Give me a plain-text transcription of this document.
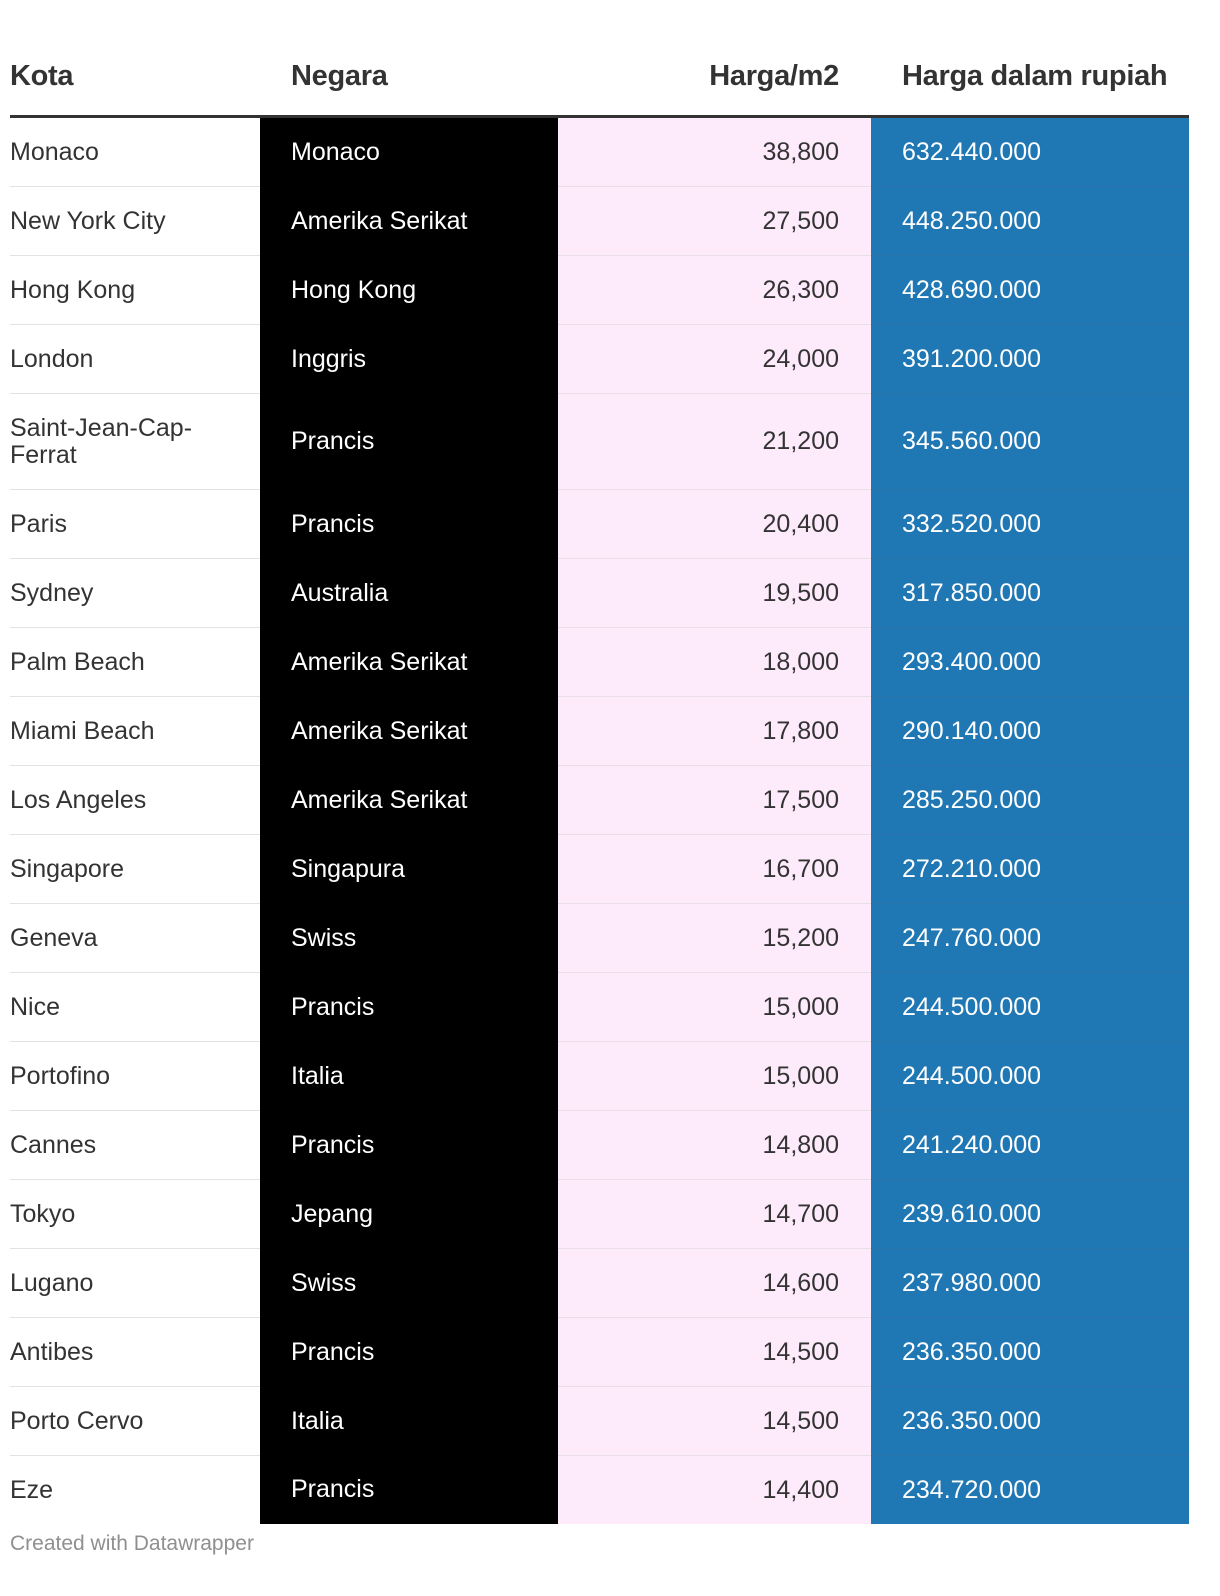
Kota	Negara	Harga/m2	Harga dalam rupiah
Monaco	Monaco	38,800	632.440.000
New York City	Amerika Serikat	27,500	448.250.000
Hong Kong	Hong Kong	26,300	428.690.000
London	Inggris	24,000	391.200.000
Saint-Jean-Cap-Ferrat	Prancis	21,200	345.560.000
Paris	Prancis	20,400	332.520.000
Sydney	Australia	19,500	317.850.000
Palm Beach	Amerika Serikat	18,000	293.400.000
Miami Beach	Amerika Serikat	17,800	290.140.000
Los Angeles	Amerika Serikat	17,500	285.250.000
Singapore	Singapura	16,700	272.210.000
Geneva	Swiss	15,200	247.760.000
Nice	Prancis	15,000	244.500.000
Portofino	Italia	15,000	244.500.000
Cannes	Prancis	14,800	241.240.000
Tokyo	Jepang	14,700	239.610.000
Lugano	Swiss	14,600	237.980.000
Antibes	Prancis	14,500	236.350.000
Porto Cervo	Italia	14,500	236.350.000
Eze	Prancis	14,400	234.720.000
Created with Datawrapper
